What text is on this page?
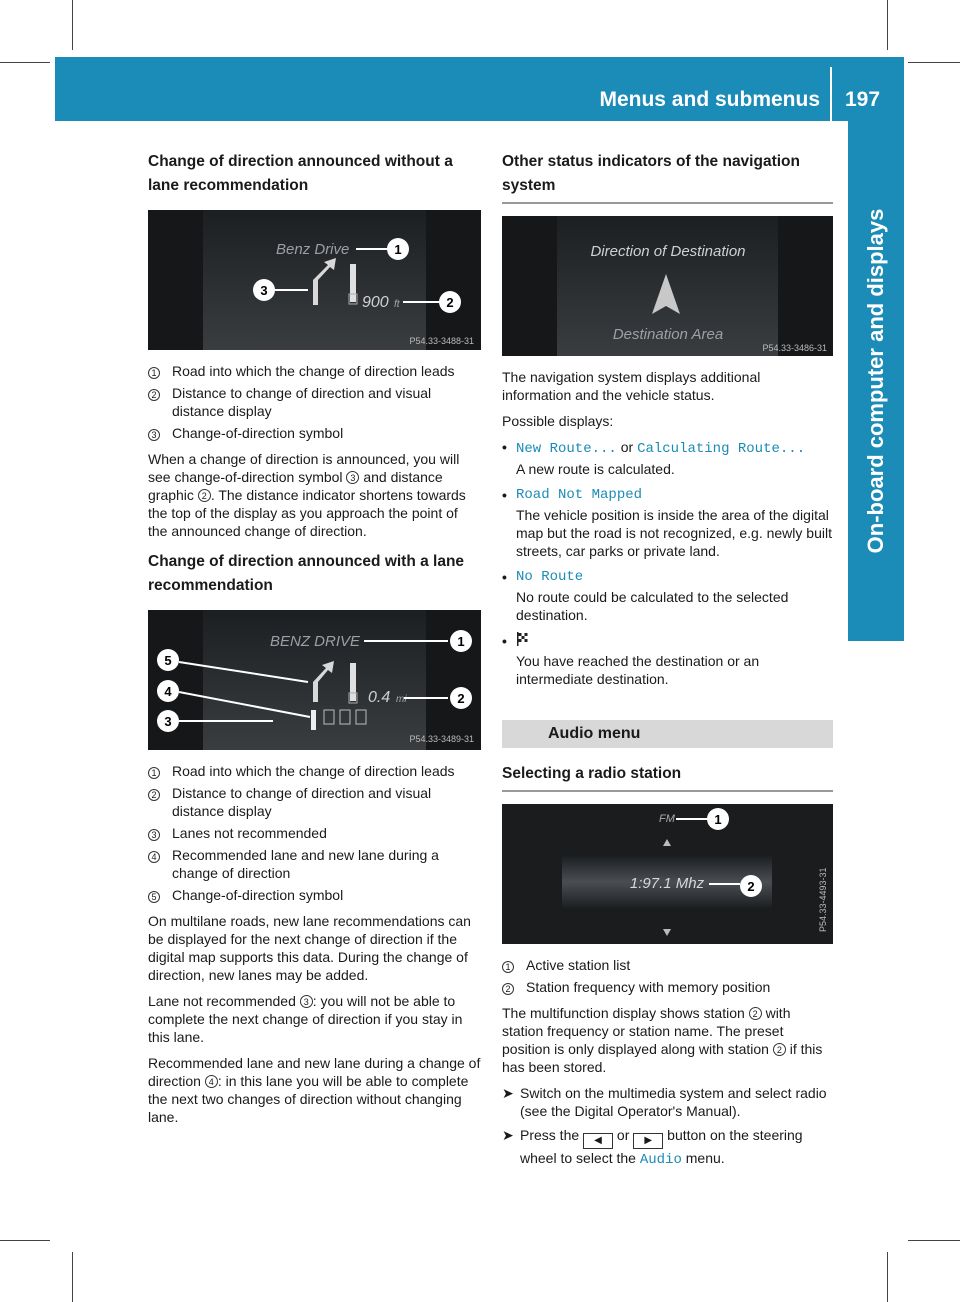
Menus and submenus	197
On-board computer and displays
Change of direction announced without a lane recommendation
Benz Drive	1
900 ft	2
3
P54.33-3488-31
1	Road into which the change of direction leads
2	Distance to change of direction and visual distance display
3	Change-of-direction symbol

When a change of direction is announced, you will see change-of-direction symbol 3 and distance graphic 2 . The distance indicator shortens towards the top of the display as you approach the point of the announced change of direction.

Change of direction announced with a lane recommendation
BENZ DRIVE	1
0.4 mi	2
5
4
3
P54.33-3489-31
1	Road into which the change of direction leads
2	Distance to change of direction and visual distance display
3	Lanes not recommended
4	Recommended lane and new lane during a change of direction
5	Change-of-direction symbol

On multilane roads, new lane recommendations can be displayed for the next change of direction if the digital map supports this data. During the change of direction, new lanes may be added.

Lane not recommended 3 : you will not be able to complete the next change of direction if you stay in this lane.

Recommended lane and new lane during a change of direction 4 : in this lane you will be able to complete the next two changes of direction without changing lane.

Other status indicators of the navigation system
Direction of Destination
Destination Area
P54.33-3486-31

The navigation system displays additional information and the vehicle status.

Possible displays:

• New Route... or Calculating Route...
A new route is calculated.
• Road Not Mapped
The vehicle position is inside the area of the digital map but the road is not recognized, e.g. newly built streets, car parks or private land.
• No Route
No route could be calculated to the selected destination.
•
You have reached the destination or an intermediate destination.
Audio menu
Selecting a radio station
FM	1
1:97.1 Mhz	2	P54.33-4493-31
1	Active station list
2	Station frequency with memory position

The multifunction display shows station 2 with station frequency or station name. The preset position is only displayed along with station 2 if this has been stored.

➤ Switch on the multimedia system and select radio (see the Digital Operator's Manual).
➤ Press the ◀ or ▶ button on the steering wheel to select the Audio menu.
